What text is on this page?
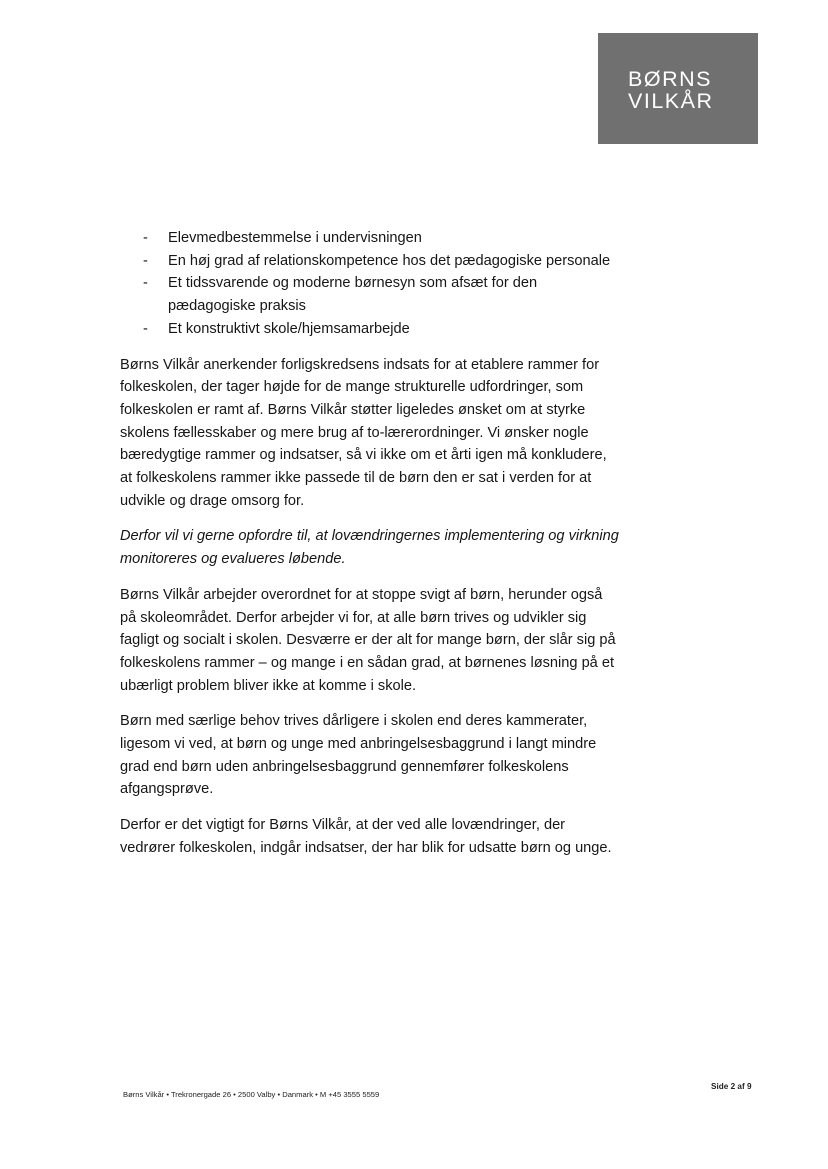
BØRNS
VILKÅR
- Elevmedbestemmelse i undervisningen
- En høj grad af relationskompetence hos det pædagogiske personale
- Et tidssvarende og moderne børnesyn som afsæt for den pædagogiske praksis
- Et konstruktivt skole/hjemsamarbejde

Børns Vilkår anerkender forligskredsens indsats for at etablere rammer for folkeskolen, der tager højde for de mange strukturelle udfordringer, som folkeskolen er ramt af. Børns Vilkår støtter ligeledes ønsket om at styrke skolens fællesskaber og mere brug af to-lærerordninger. Vi ønsker nogle bæredygtige rammer og indsatser, så vi ikke om et årti igen må konkludere, at folkeskolens rammer ikke passede til de børn den er sat i verden for at udvikle og drage omsorg for.

Derfor vil vi gerne opfordre til, at lovændringernes implementering og virkning monitoreres og evalueres løbende.

Børns Vilkår arbejder overordnet for at stoppe svigt af børn, herunder også på skoleområdet. Derfor arbejder vi for, at alle børn trives og udvikler sig fagligt og socialt i skolen. Desværre er der alt for mange børn, der slår sig på folkeskolens rammer – og mange i en sådan grad, at børnenes løsning på et ubærligt problem bliver ikke at komme i skole.

Børn med særlige behov trives dårligere i skolen end deres kammerater, ligesom vi ved, at børn og unge med anbringelsesbaggrund i langt mindre grad end børn uden anbringelsesbaggrund gennemfører folkeskolens afgangsprøve.

Derfor er det vigtigt for Børns Vilkår, at der ved alle lovændringer, der vedrører folkeskolen, indgår indsatser, der har blik for udsatte børn og unge.

Børns Vilkår • Trekronergade 26 • 2500 Valby • Danmark • M +45 3555 5559
Side 2 af 9
